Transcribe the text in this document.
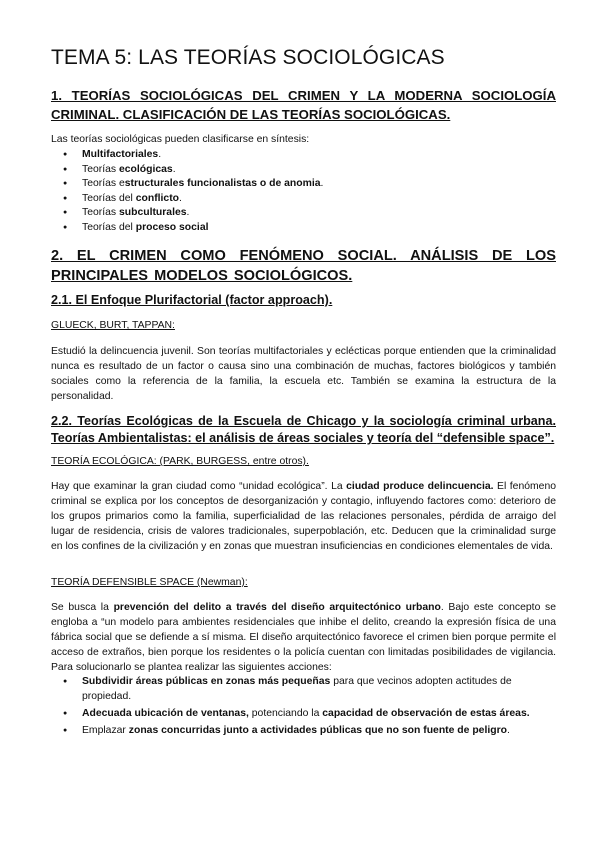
TEMA 5: LAS TEORÍAS SOCIOLÓGICAS

1. TEORÍAS SOCIOLÓGICAS DEL CRIMEN Y LA MODERNA SOCIOLOGÍA CRIMINAL. CLASIFICACIÓN DE LAS TEORÍAS SOCIOLÓGICAS.

Las teorías sociológicas pueden clasificarse en síntesis:

● Multifactoriales.
● Teorías ecológicas.
● Teorías estructurales funcionalistas o de anomia.
● Teorías del conflicto.
● Teorías subculturales.
● Teorías del proceso social

2. EL CRIMEN COMO FENÓMENO SOCIAL. ANÁLISIS DE LOS PRINCIPALES MODELOS SOCIOLÓGICOS.

2.1. El Enfoque Plurifactorial (factor approach).

GLUECK, BURT, TAPPAN:

Estudió la delincuencia juvenil. Son teorías multifactoriales y eclécticas porque entienden que la criminalidad nunca es resultado de un factor o causa sino una combinación de muchas, factores biológicos y también sociales como la referencia de la familia, la escuela etc. También se examina la estructura de la personalidad.

2.2. Teorías Ecológicas de la Escuela de Chicago y la sociología criminal urbana. Teorías Ambientalistas: el análisis de áreas sociales y teoría del “defensible space”.

TEORÍA ECOLÓGICA: (PARK, BURGESS, entre otros).

Hay que examinar la gran ciudad como “unidad ecológica”. La ciudad produce delincuencia. El fenómeno criminal se explica por los conceptos de desorganización y contagio, influyendo factores como: deterioro de los grupos primarios como la familia, superficialidad de las relaciones personales, pérdida de arraigo del lugar de residencia, crisis de valores tradicionales, superpoblación, etc. Deducen que la criminalidad surge en los confines de la civilización y en zonas que muestran insuficiencias en condiciones elementales de vida.

TEORÍA DEFENSIBLE SPACE (Newman):

Se busca la prevención del delito a través del diseño arquitectónico urbano. Bajo este concepto se engloba a “un modelo para ambientes residenciales que inhibe el delito, creando la expresión física de una fábrica social que se defiende a sí misma. El diseño arquitectónico favorece el crimen bien porque permite el acceso de extraños, bien porque los residentes o la policía cuentan con limitadas posibilidades de vigilancia. Para solucionarlo se plantea realizar las siguientes acciones:

● Subdividir áreas públicas en zonas más pequeñas para que vecinos adopten actitudes de propiedad.
● Adecuada ubicación de ventanas, potenciando la capacidad de observación de estas áreas.
● Emplazar zonas concurridas junto a actividades públicas que no son fuente de peligro.
